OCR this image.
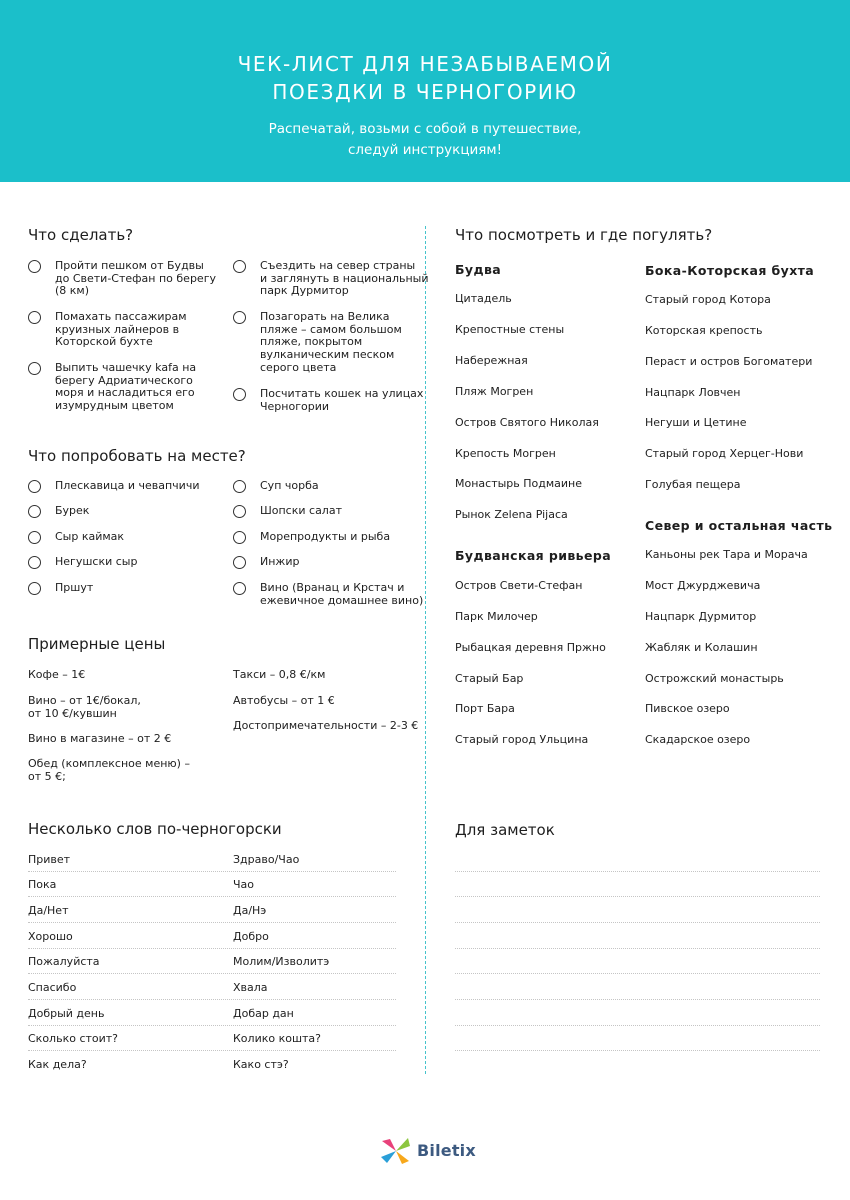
ЧЕК-ЛИСТ ДЛЯ НЕЗАБЫВАЕМОЙ
ПОЕЗДКИ В ЧЕРНОГОРИЮ
Распечатай, возьми с собой в путешествие,
следуй инструкциям!
Что сделать?
Пройти пешком от Будвы
до Свети-Стефан по берегу
(8 км)
Помахать пассажирам
круизных лайнеров в
Которской бухте
Выпить чашечку kafa на
берегу Адриатического
моря и насладиться его
изумрудным цветом
Съездить на север страны
и заглянуть в национальный
парк Дурмитор
Позагорать на Велика
пляже – самом большом
пляже, покрытом
вулканическим песком
серого цвета
Посчитать кошек на улицах
Черногории
Что попробовать на месте?
Плескавица и чевапчичи
Бурек
Сыр каймак
Негушски сыр
Пршут
Суп чорба
Шопски салат
Морепродукты и рыба
Инжир
Вино (Вранац и Крстач и
ежевичное домашнее вино)
Примерные цены
Кофе – 1€
Вино – от 1€/бокал,
от 10 €/кувшин
Вино в магазине – от 2 €
Обед (комплексное меню) –
от 5 €;
Такси – 0,8 €/км
Автобусы – от 1 €
Достопримечательности – 2-3 €
Несколько слов по-черногорски
Привет	Здраво/Чао
Пока	Чао
Да/Нет	Да/Нэ
Хорошо	Добро
Пожалуйста	Молим/Изволитэ
Спасибо	Хвала
Добрый день	Добар дан
Сколько стоит?	Колико кошта?
Как дела?	Како стэ?
Что посмотреть и где погулять?
Будва
Цитадель
Крепостные стены
Набережная
Пляж Могрен
Остров Святого Николая
Крепость Могрен
Монастырь Подмаине
Рынок Zelena Pijaca
Будванская ривьера
Остров Свети-Стефан
Парк Милочер
Рыбацкая деревня Пржно
Старый Бар
Порт Бара
Старый город Ульцина
Бока-Которская бухта
Старый город Котора
Которская крепость
Пераст и остров Богоматери
Нацпарк Ловчен
Негуши и Цетине
Старый город Херцег-Нови
Голубая пещера
Север и остальная часть
Каньоны рек Тара и Морача
Мост Джурджевича
Нацпарк Дурмитор
Жабляк и Колашин
Острожский монастырь
Пивское озеро
Скадарское озеро
Для заметок
Biletix
